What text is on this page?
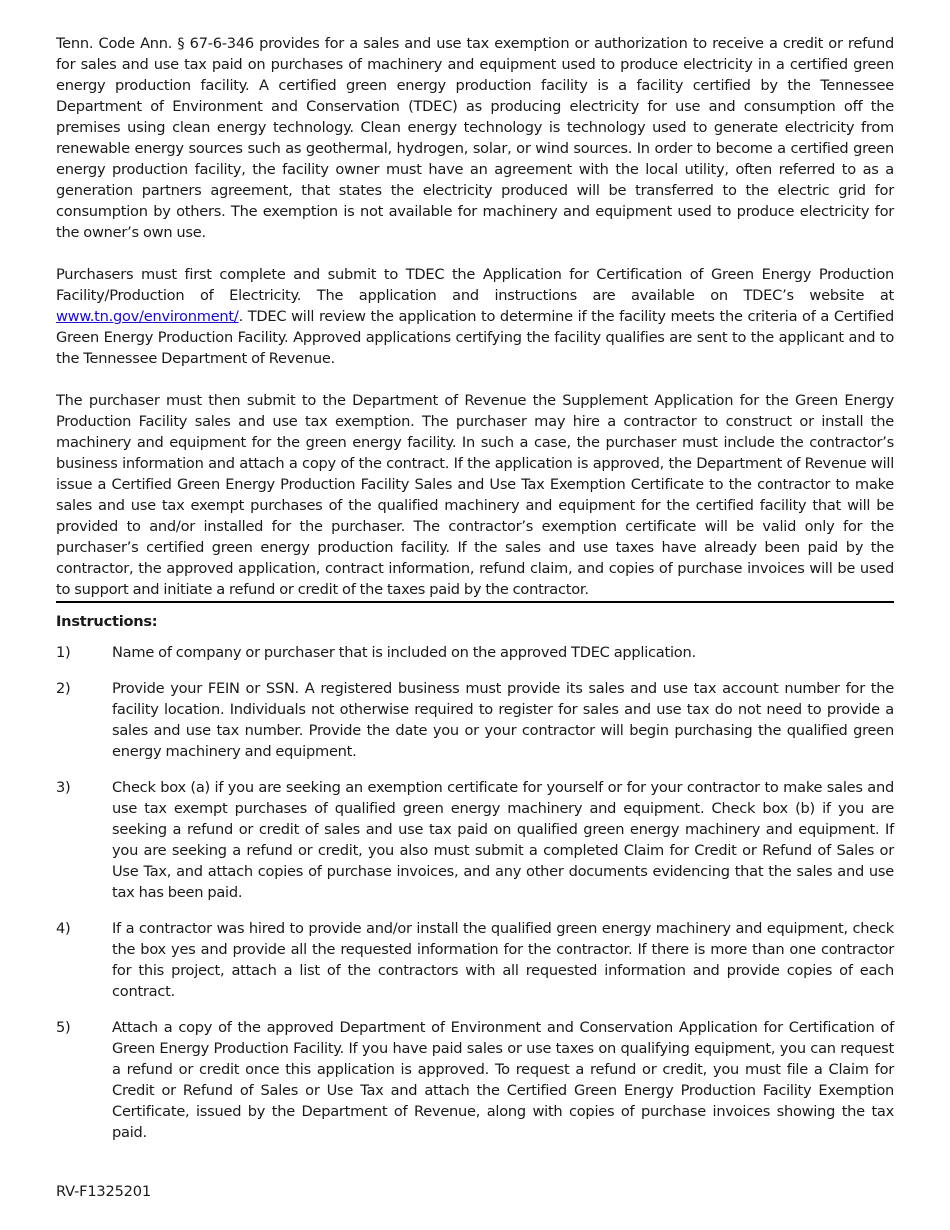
Tenn. Code Ann. § 67-6-346 provides for a sales and use tax exemption or authorization to receive a credit or refund for sales and use tax paid on purchases of machinery and equipment used to produce electricity in a certified green energy production facility. A certified green energy production facility is a facility certified by the Tennessee Department of Environment and Conservation (TDEC) as producing electricity for use and consumption off the premises using clean energy technology. Clean energy technology is technology used to generate electricity from renewable energy sources such as geothermal, hydrogen, solar, or wind sources. In order to become a certified green energy production facility, the facility owner must have an agreement with the local utility, often referred to as a generation partners agreement, that states the electricity produced will be transferred to the electric grid for consumption by others. The exemption is not available for machinery and equipment used to produce electricity for the owner’s own use.

Purchasers must first complete and submit to TDEC the Application for Certification of Green Energy Production Facility/Production of Electricity. The application and instructions are available on TDEC’s website at www.tn.gov/environment/. TDEC will review the application to determine if the facility meets the criteria of a Certified Green Energy Production Facility. Approved applications certifying the facility qualifies are sent to the applicant and to the Tennessee Department of Revenue.

The purchaser must then submit to the Department of Revenue the Supplement Application for the Green Energy Production Facility sales and use tax exemption. The purchaser may hire a contractor to construct or install the machinery and equipment for the green energy facility. In such a case, the purchaser must include the contractor’s business information and attach a copy of the contract. If the application is approved, the Department of Revenue will issue a Certified Green Energy Production Facility Sales and Use Tax Exemption Certificate to the contractor to make sales and use tax exempt purchases of the qualified machinery and equipment for the certified facility that will be provided to and/or installed for the purchaser. The contractor’s exemption certificate will be valid only for the purchaser’s certified green energy production facility. If the sales and use taxes have already been paid by the contractor, the approved application, contract information, refund claim, and copies of purchase invoices will be used to support and initiate a refund or credit of the taxes paid by the contractor.

Instructions:

1)	Name of company or purchaser that is included on the approved TDEC application.
2)	Provide your FEIN or SSN. A registered business must provide its sales and use tax account number for the facility location. Individuals not otherwise required to register for sales and use tax do not need to provide a sales and use tax number. Provide the date you or your contractor will begin purchasing the qualified green energy machinery and equipment.
3)	Check box (a) if you are seeking an exemption certificate for yourself or for your contractor to make sales and use tax exempt purchases of qualified green energy machinery and equipment. Check box (b) if you are seeking a refund or credit of sales and use tax paid on qualified green energy machinery and equipment. If you are seeking a refund or credit, you also must submit a completed Claim for Credit or Refund of Sales or Use Tax, and attach copies of purchase invoices, and any other documents evidencing that the sales and use tax has been paid.
4)	If a contractor was hired to provide and/or install the qualified green energy machinery and equipment, check the box yes and provide all the requested information for the contractor. If there is more than one contractor for this project, attach a list of the contractors with all requested information and provide copies of each contract.
5)	Attach a copy of the approved Department of Environment and Conservation Application for Certification of Green Energy Production Facility. If you have paid sales or use taxes on qualifying equipment, you can request a refund or credit once this application is approved. To request a refund or credit, you must file a Claim for Credit or Refund of Sales or Use Tax and attach the Certified Green Energy Production Facility Exemption Certificate, issued by the Department of Revenue, along with copies of purchase invoices showing the tax paid.
RV-F1325201
